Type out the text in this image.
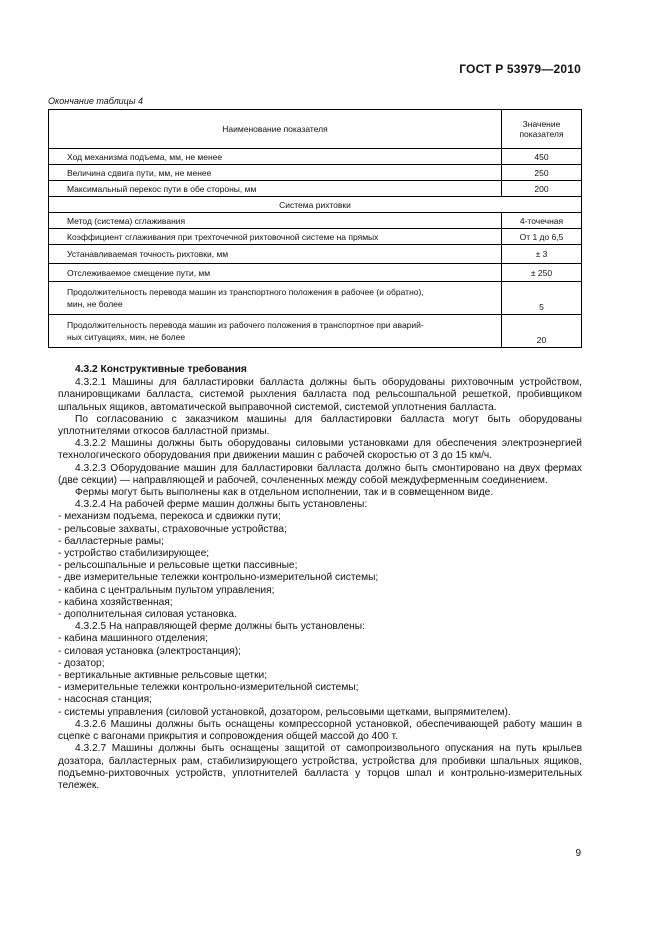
ГОСТ Р 53979—2010
Окончание таблицы 4
Наименование показателя	Значение
показателя
Ход механизма подъема, мм, не менее	450
Величина сдвига пути, мм, не менее	250
Максимальный перекос пути в обе стороны, мм	200
Система рихтовки	
Метод (система) сглаживания	4-точечная
Коэффициент сглаживания при трехточечной рихтовочной системе на прямых	От 1 до 6,5
Устанавливаемая точность рихтовки, мм	± 3
Отслеживаемое смещение пути, мм	± 250
Продолжительность перевода машин из транспортного положения в рабочее (и обратно),
мин, не более	5
Продолжительность перевода машин из рабочего положения в транспортное при аварий-
ных ситуациях, мин, не более	20

4.3.2 Конструктивные требования

4.3.2.1 Машины для балластировки балласта должны быть оборудованы рихтовочным устройством, планировщиками балласта, системой рыхления балласта под рельсошпальной решеткой, пробивщиком шпальных ящиков, автоматической выправочной системой, системой уплотнения балласта.

По согласованию с заказчиком машины для балластировки балласта могут быть оборудованы уплотнителями откосов балластной призмы.

4.3.2.2 Машины должны быть оборудованы силовыми установками для обеспечения электроэнергией технологического оборудования при движении машин с рабочей скоростью от 3 до 15 км/ч.

4.3.2.3 Оборудование машин для балластировки балласта должно быть смонтировано на двух фермах (две секции) — направляющей и рабочей, сочлененных между собой междуферменным соединением.

Фермы могут быть выполнены как в отдельном исполнении, так и в совмещенном виде.

4.3.2.4 На рабочей ферме машин должны быть установлены:

- механизм подъема, перекоса и сдвижки пути;

- рельсовые захваты, страховочные устройства;

- балластерные рамы;

- устройство стабилизирующее;

- рельсошпальные и рельсовые щетки пассивные;

- две измерительные тележки контрольно-измерительной системы;

- кабина с центральным пультом управления;

- кабина хозяйственная;

- дополнительная силовая установка.

4.3.2.5 На направляющей ферме должны быть установлены:

- кабина машинного отделения;

- силовая установка (электростанция);

- дозатор;

- вертикальные активные рельсовые щетки;

- измерительные тележки контрольно-измерительной системы;

- насосная станция;

- системы управления (силовой установкой, дозатором, рельсовыми щетками, выпрямителем).

4.3.2.6 Машины должны быть оснащены компрессорной установкой, обеспечивающей работу машин в сцепке с вагонами прикрытия и сопровождения общей массой до 400 т.

4.3.2.7 Машины должны быть оснащены защитой от самопроизвольного опускания на путь крыльев дозатора, балластерных рам, стабилизирующего устройства, устройства для пробивки шпальных ящиков, подъемно-рихтовочных устройств, уплотнителей балласта у торцов шпал и контрольно-измерительных тележек.

9
